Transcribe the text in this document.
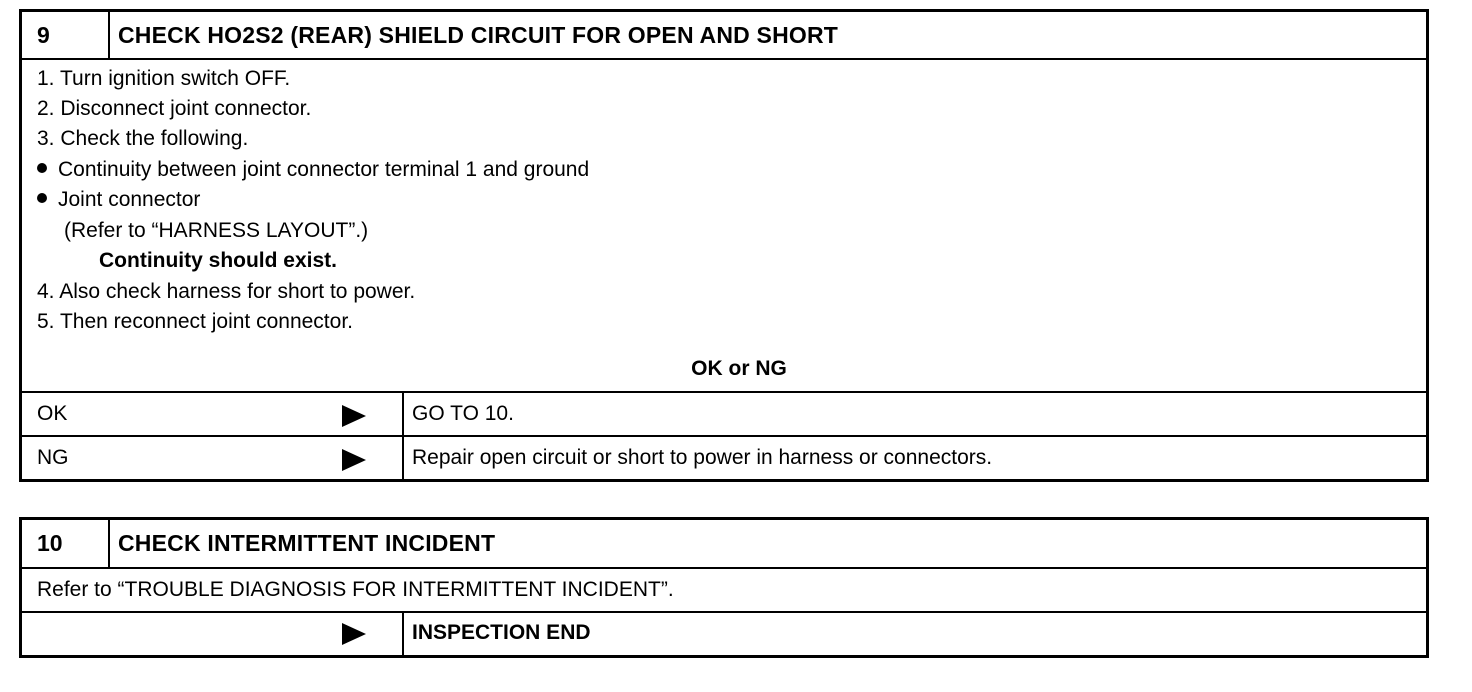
9	CHECK HO2S2 (REAR) SHIELD CIRCUIT FOR OPEN AND SHORT
1. Turn ignition switch OFF.
2. Disconnect joint connector.
3. Check the following.
Continuity between joint connector terminal 1 and ground
Joint connector
(Refer to “HARNESS LAYOUT”.)
Continuity should exist.
4. Also check harness for short to power.
5. Then reconnect joint connector.
OK or NG
OK	GO TO 10.
NG	Repair open circuit or short to power in harness or connectors.
10	CHECK INTERMITTENT INCIDENT
Refer to “TROUBLE DIAGNOSIS FOR INTERMITTENT INCIDENT”.
INSPECTION END
